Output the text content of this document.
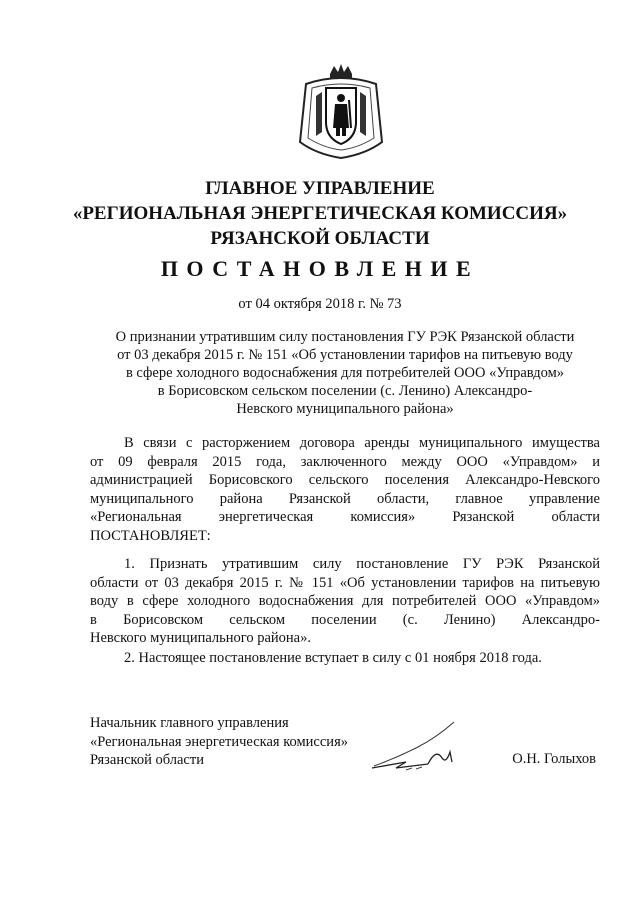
ГЛАВНОЕ УПРАВЛЕНИЕ
«РЕГИОНАЛЬНАЯ ЭНЕРГЕТИЧЕСКАЯ КОМИССИЯ»
РЯЗАНСКОЙ ОБЛАСТИ
ПОСТАНОВЛЕНИЕ
от 04 октября 2018 г. № 73
О признании утратившим силу постановления ГУ РЭК Рязанской области
от 03 декабря 2015 г. № 151 «Об установлении тарифов на питьевую воду
в сфере холодного водоснабжения для потребителей ООО «Управдом»
в Борисовском сельском поселении (с. Ленино) Александро-
Невского муниципального района»
В связи с расторжением договора аренды муниципального имущества
от 09 февраля 2015 года, заключенного между ООО «Управдом» и
администрацией Борисовского сельского поселения Александро-Невского
муниципального района Рязанской области, главное управление
«Региональная энергетическая комиссия» Рязанской области
ПОСТАНОВЛЯЕТ:
1. Признать утратившим силу постановление ГУ РЭК Рязанской
области от 03 декабря 2015 г. № 151 «Об установлении тарифов на питьевую
воду в сфере холодного водоснабжения для потребителей ООО «Управдом»
в Борисовском сельском поселении (с. Ленино) Александро-
Невского муниципального района».
2. Настоящее постановление вступает в силу с 01 ноября 2018 года.
Начальник главного управления
«Региональная энергетическая комиссия»
Рязанской области	О.Н. Голыхов
